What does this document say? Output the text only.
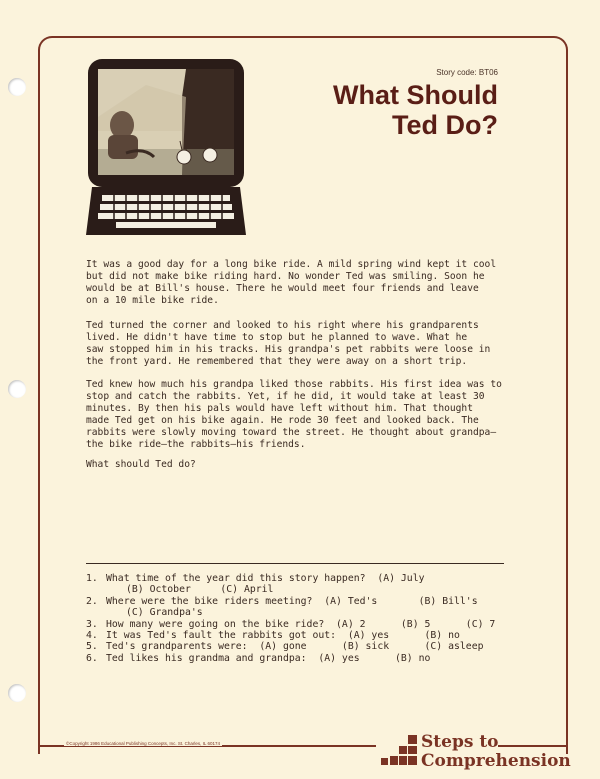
Story code: BT06
What Should
Ted Do?
It was a good day for a long bike ride. A mild spring wind kept it cool
but did not make bike riding hard. No wonder Ted was smiling. Soon he
would be at Bill's house. There he would meet four friends and leave
on a 10 mile bike ride.
Ted turned the corner and looked to his right where his grandparents
lived. He didn't have time to stop but he planned to wave. What he
saw stopped him in his tracks. His grandpa's pet rabbits were loose in
the front yard. He remembered that they were away on a short trip.
Ted knew how much his grandpa liked those rabbits. His first idea was to
stop and catch the rabbits. Yet, if he did, it would take at least 30
minutes. By then his pals would have left without him. That thought
made Ted get on his bike again. He rode 30 feet and looked back. The
rabbits were slowly moving toward the street. He thought about grandpa—
the bike ride—the rabbits—his friends.
What should Ted do?
1. What time of the year did this story happen?  (A) July
(B) October     (C) April
2. Where were the bike riders meeting?  (A) Ted's       (B) Bill's
(C) Grandpa's
3. How many were going on the bike ride?  (A) 2      (B) 5      (C) 7
4. It was Ted's fault the rabbits got out:  (A) yes      (B) no
5. Ted's grandparents were:  (A) gone      (B) sick      (C) asleep
6. Ted likes his grandma and grandpa:  (A) yes      (B) no
©Copyright 1986 Educational Publishing Concepts, Inc. St. Charles, IL 60174	Steps to
Comprehension
